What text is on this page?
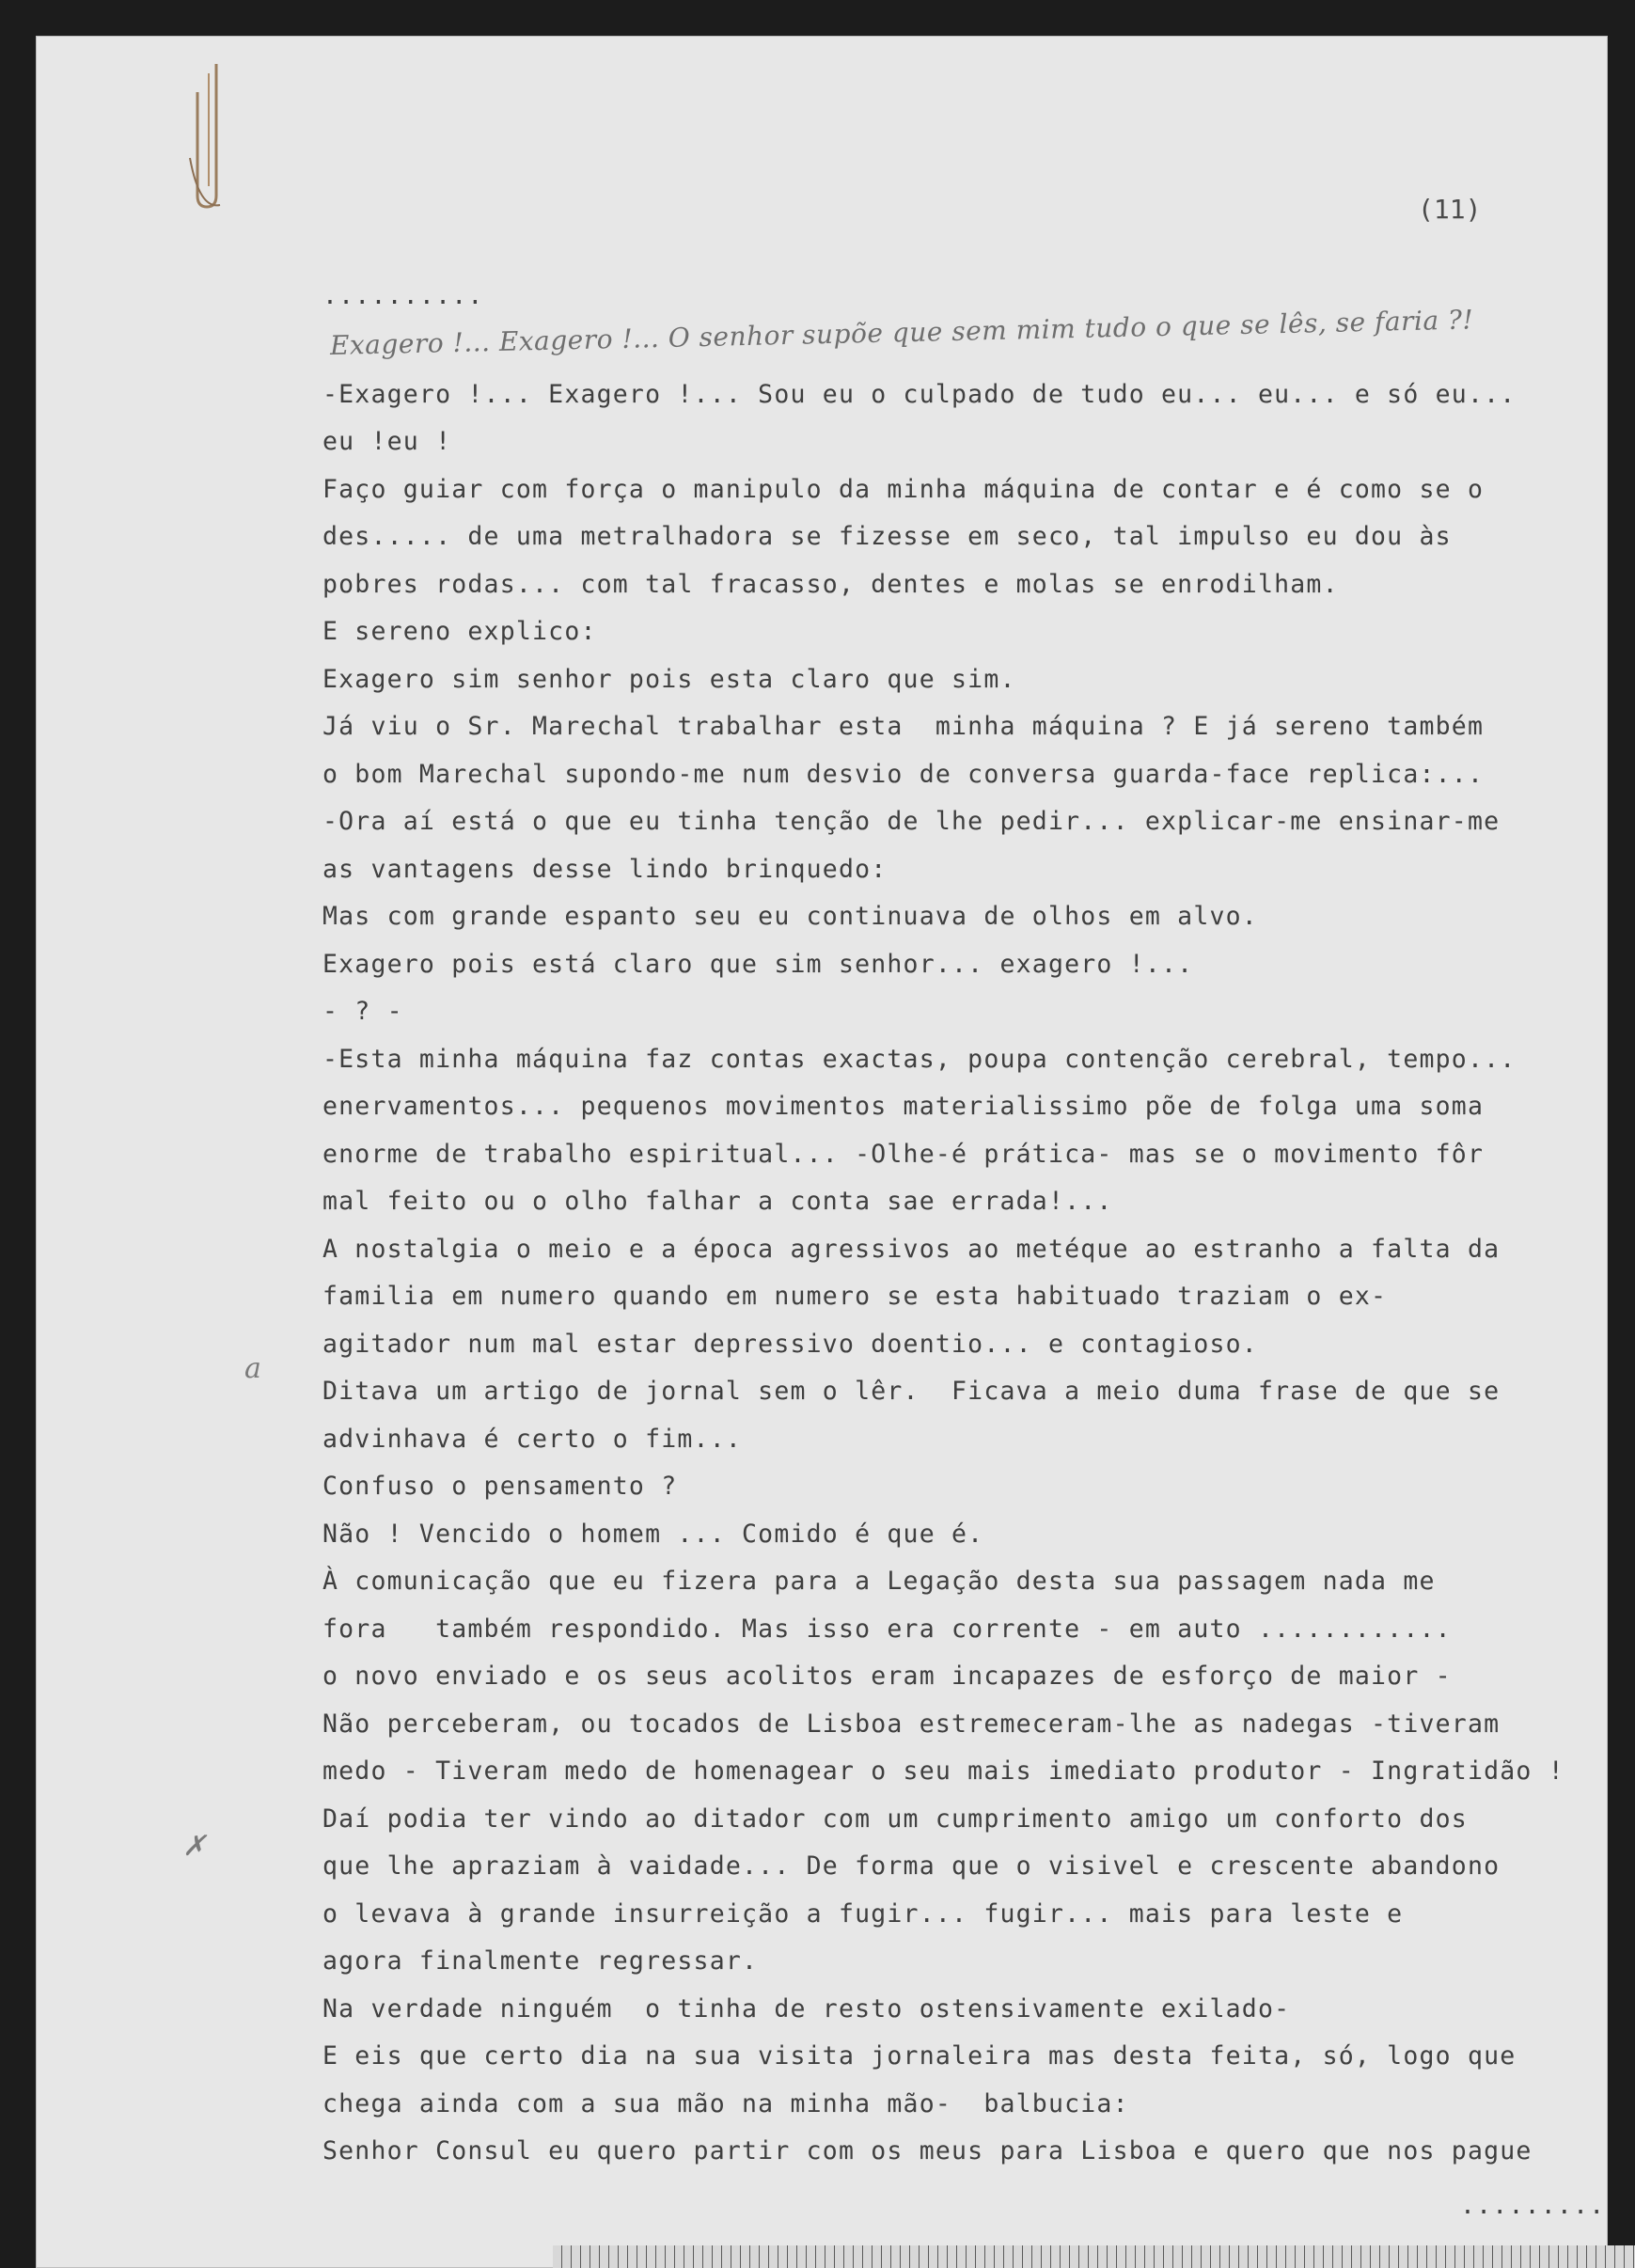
(11)
a
✗
..........
Exagero !... Exagero !... O senhor supõe que sem mim tudo o que se lês, se faria ?!
-Exagero !... Exagero !... Sou eu o culpado de tudo eu... eu... e só eu...
eu !eu !
Faço guiar com força o manipulo da minha máquina de contar e é como se o
des..... de uma metralhadora se fizesse em seco, tal impulso eu dou às
pobres rodas... com tal fracasso, dentes e molas se enrodilham.
E sereno explico:
Exagero sim senhor pois esta claro que sim.
Já viu o Sr. Marechal trabalhar esta  minha máquina ? E já sereno também
o bom Marechal supondo-me num desvio de conversa guarda-face replica:...
-Ora aí está o que eu tinha tenção de lhe pedir... explicar-me ensinar-me
as vantagens desse lindo brinquedo:
Mas com grande espanto seu eu continuava de olhos em alvo.
Exagero pois está claro que sim senhor... exagero !...
- ? -
-Esta minha máquina faz contas exactas, poupa contenção cerebral, tempo...
enervamentos... pequenos movimentos materialissimo põe de folga uma soma
enorme de trabalho espiritual... -Olhe-é prática- mas se o movimento fôr
mal feito ou o olho falhar a conta sae errada!...
A nostalgia o meio e a época agressivos ao metéque ao estranho a falta da
familia em numero quando em numero se esta habituado traziam o ex-
agitador num mal estar depressivo doentio... e contagioso.
Ditava um artigo de jornal sem o lêr.  Ficava a meio duma frase de que se
advinhava é certo o fim...
Confuso o pensamento ?
Não ! Vencido o homem ... Comido é que é.
À comunicação que eu fizera para a Legação desta sua passagem nada me
fora   também respondido. Mas isso era corrente - em auto ............
o novo enviado e os seus acolitos eram incapazes de esforço de maior -
Não perceberam, ou tocados de Lisboa estremeceram-lhe as nadegas -tiveram
medo - Tiveram medo de homenagear o seu mais imediato produtor - Ingratidão !
Daí podia ter vindo ao ditador com um cumprimento amigo um conforto dos
que lhe apraziam à vaidade... De forma que o visivel e crescente abandono
o levava à grande insurreição a fugir... fugir... mais para leste e
agora finalmente regressar.
Na verdade ninguém  o tinha de resto ostensivamente exilado-
E eis que certo dia na sua visita jornaleira mas desta feita, só, logo que
chega ainda com a sua mão na minha mão-  balbucia:
Senhor Consul eu quero partir com os meus para Lisboa e quero que nos pague
.........
